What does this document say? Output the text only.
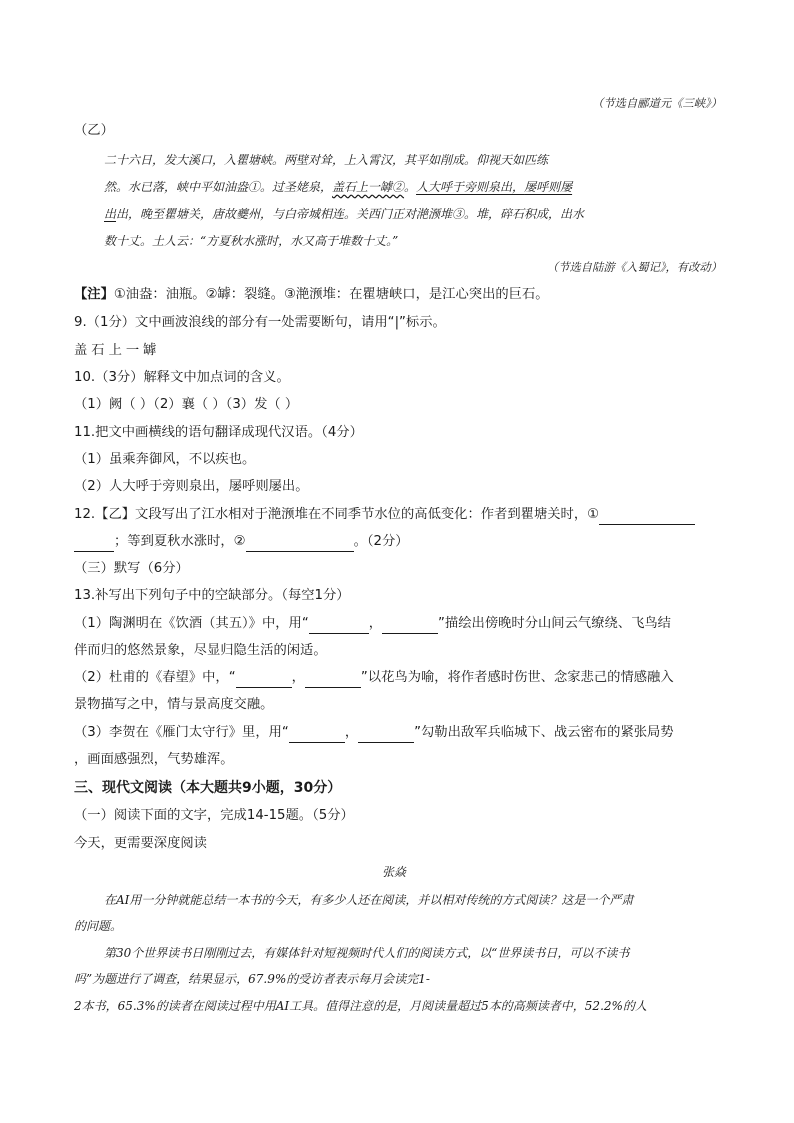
（节选自郦道元《三峡》）
（乙）
二十六日，发大溪口，入瞿塘峡。两壁对耸，上入霄汉，其平如削成。仰视天如匹练
然。水已落，峡中平如油盎①。过圣姥泉，盖石上一罅②。人大呼于旁则泉出，屡呼则屡
出出，晚至瞿塘关，唐故夔州，与白帝城相连。关西门正对滟滪堆③。堆，碎石积成，出水
数十丈。土人云：“方夏秋水涨时，水又高于堆数十丈。”
（节选自陆游《入蜀记》，有改动）
【注】①油盎：油瓶。②罅：裂缝。③滟滪堆：在瞿塘峡口，是江心突出的巨石。
9.（1分）文中画波浪线的部分有一处需要断句，请用“|”标示。
盖石上一罅
10.（3分）解释文中加点词的含义。
（1）阙（ ）（2）襄（ ）（3）发（ ）
11.把文中画横线的语句翻译成现代汉语。（4分）
（1）虽乘奔御风，不以疾也。
（2）人大呼于旁则泉出，屡呼则屡出。
12.【乙】文段写出了江水相对于滟滪堆在不同季节水位的高低变化：作者到瞿塘关时，①
；等到夏秋水涨时，②	。（2分）
（三）默写（6分）
13.补写出下列句子中的空缺部分。（每空1分）
（1）陶渊明在《饮酒（其五）》中，用“	，	”描绘出傍晚时分山间云气缭绕、飞鸟结
伴而归的悠然景象，尽显归隐生活的闲适。
（2）杜甫的《春望》中，“	，	”以花鸟为喻，将作者感时伤世、念家悲己的情感融入
景物描写之中，情与景高度交融。
（3）李贺在《雁门太守行》里，用“	，	”勾勒出敌军兵临城下、战云密布的紧张局势
，画面感强烈，气势雄浑。
三、现代文阅读（本大题共9小题，30分）
（一）阅读下面的文字，完成14-15题。（5分）
今天，更需要深度阅读
张焱
在AI用一分钟就能总结一本书的今天，有多少人还在阅读，并以相对传统的方式阅读？这是一个严肃
的问题。
第30个世界读书日刚刚过去，有媒体针对短视频时代人们的阅读方式，以“世界读书日，可以不读书
吗”为题进行了调查，结果显示，67.9%的受访者表示每月会读完1-
2本书，65.3%的读者在阅读过程中用AI工具。值得注意的是，月阅读量超过5本的高频读者中，52.2%的人
